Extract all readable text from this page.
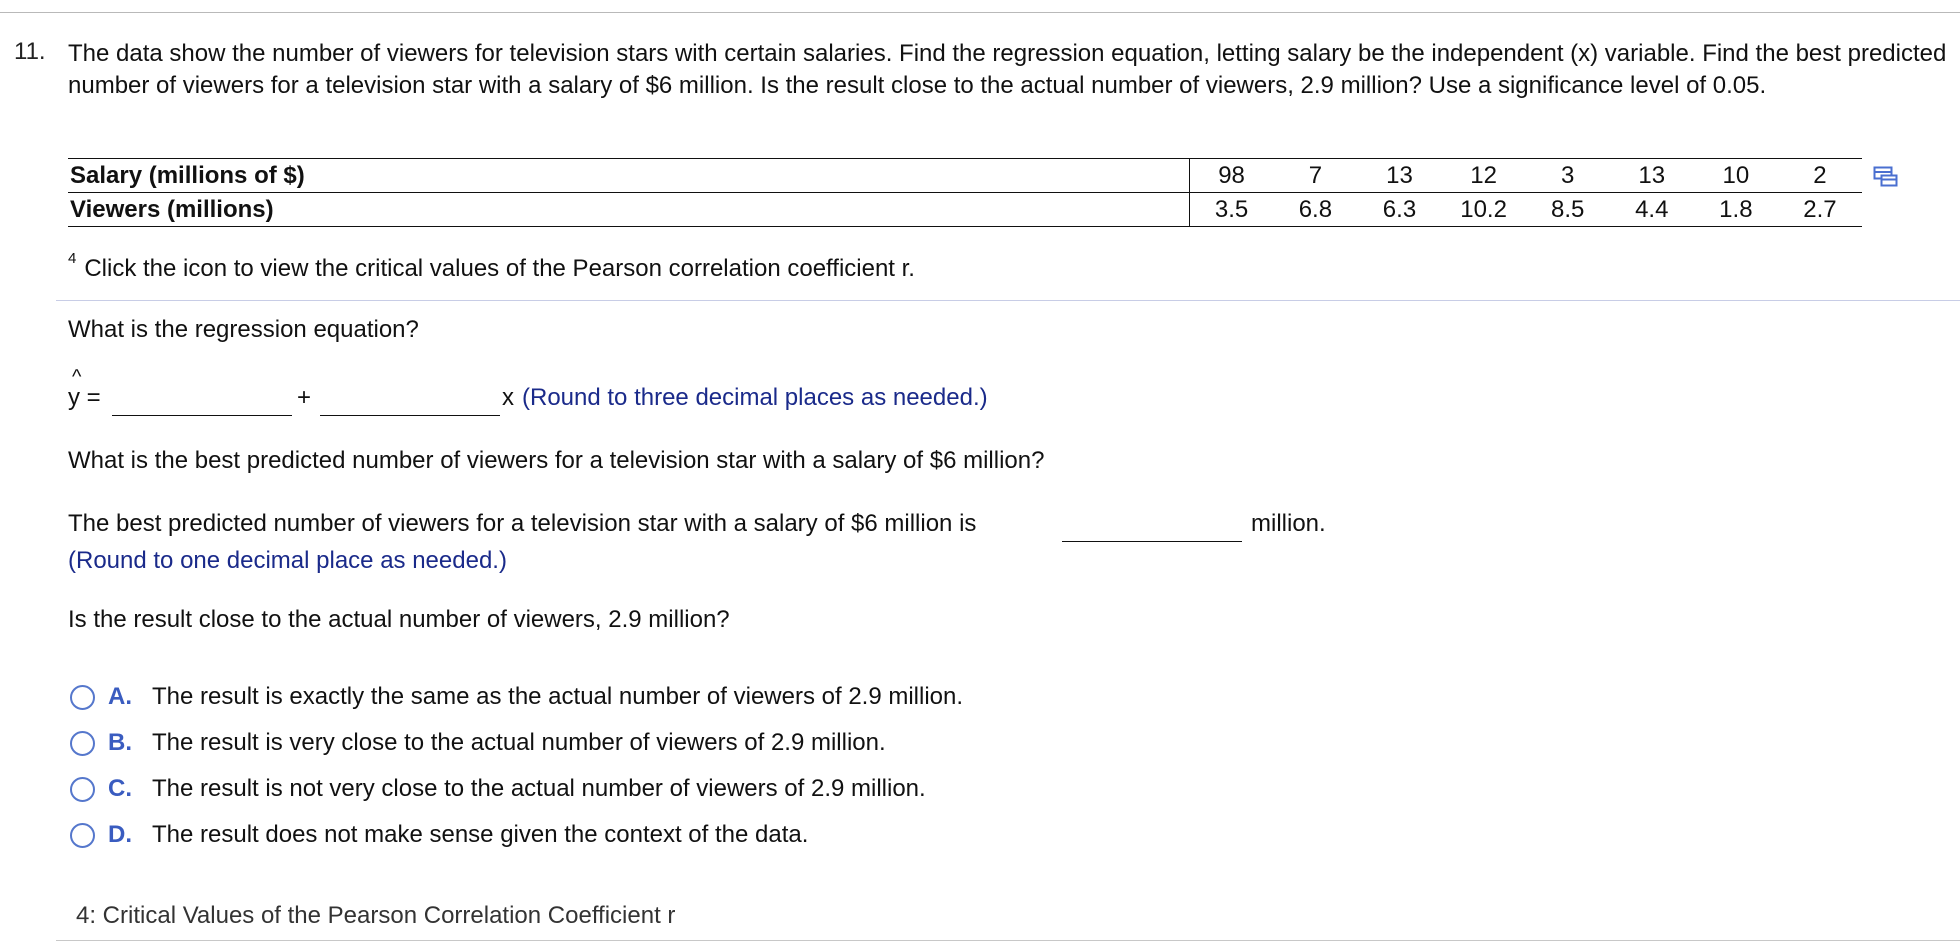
11. The data show the number of viewers for television stars with certain salaries. Find the regression equation, letting salary be the independent (x) variable. Find the best predicted number of viewers for a television star with a salary of $6 million. Is the result close to the actual number of viewers, 2.9 million? Use a significance level of 0.05.
Salary (millions of $)	98	7	13	12	3	13	10	2
Viewers (millions)	3.5	6.8	6.3	10.2	8.5	4.4	1.8	2.7
$^4$ Click the icon to view the critical values of the Pearson correlation coefficient r.
What is the regression equation?
^
y =	+	x (Round to three decimal places as needed.)
What is the best predicted number of viewers for a television star with a salary of $6 million?
The best predicted number of viewers for a television star with a salary of $6 million is	million.
(Round to one decimal place as needed.)
Is the result close to the actual number of viewers, 2.9 million?
A. The result is exactly the same as the actual number of viewers of 2.9 million.
B. The result is very close to the actual number of viewers of 2.9 million.
C. The result is not very close to the actual number of viewers of 2.9 million.
D. The result does not make sense given the context of the data.
4: Critical Values of the Pearson Correlation Coefficient r
